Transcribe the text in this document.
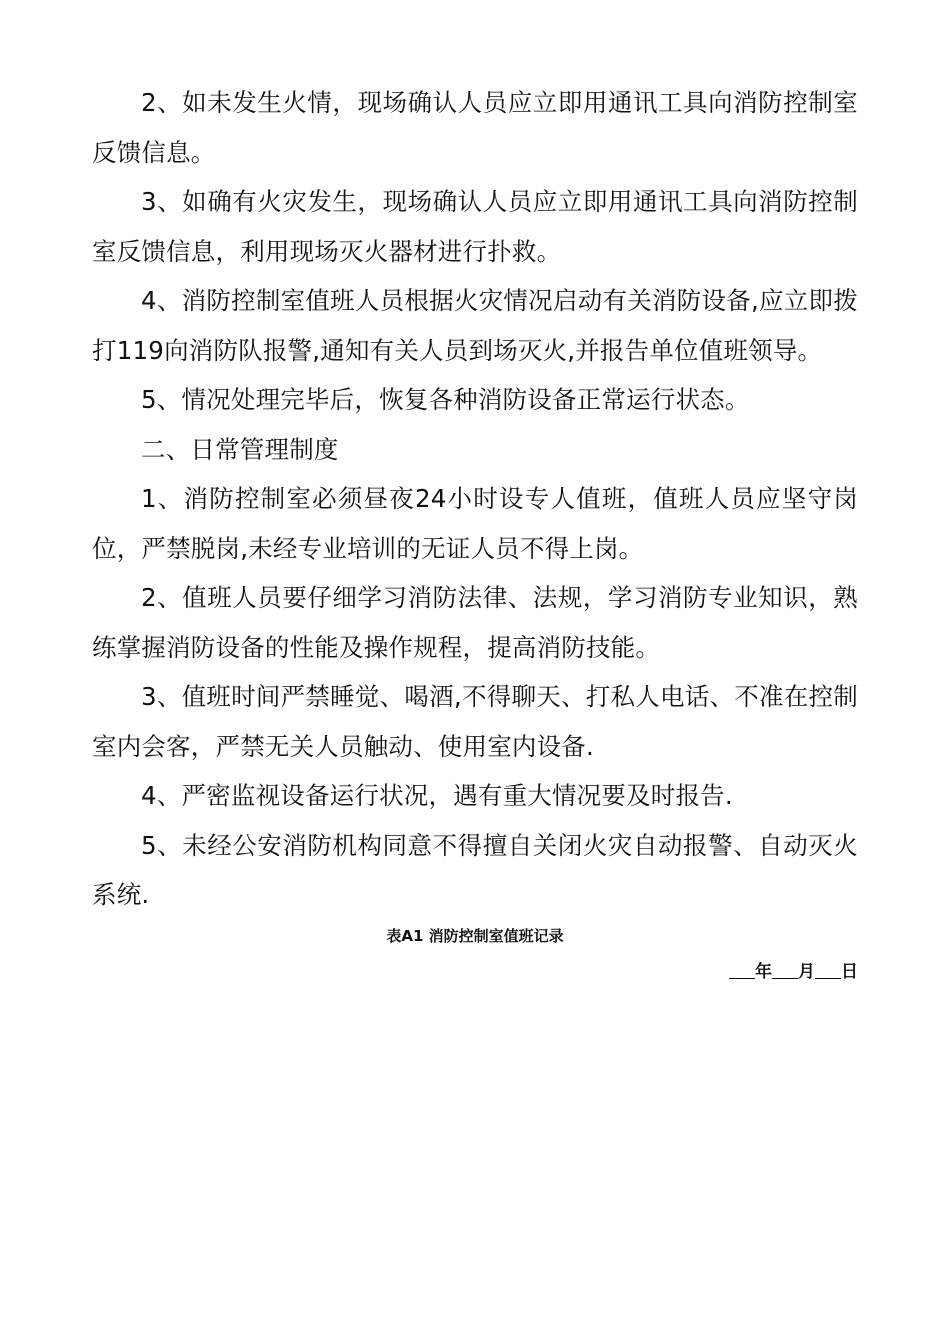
2、如未发生火情，现场确认人员应立即用通讯工具向消防控制室反馈信息。

3、如确有火灾发生，现场确认人员应立即用通讯工具向消防控制室反馈信息，利用现场灭火器材进行扑救。

4、消防控制室值班人员根据火灾情况启动有关消防设备,应立即拨打119向消防队报警,通知有关人员到场灭火,并报告单位值班领导。

5、情况处理完毕后，恢复各种消防设备正常运行状态。

二、日常管理制度

1、消防控制室必须昼夜24小时设专人值班，值班人员应坚守岗位，严禁脱岗,未经专业培训的无证人员不得上岗。

2、值班人员要仔细学习消防法律、法规，学习消防专业知识，熟练掌握消防设备的性能及操作规程，提高消防技能。

3、值班时间严禁睡觉、喝酒,不得聊天、打私人电话、不准在控制室内会客，严禁无关人员触动、使用室内设备.

4、严密监视设备运行状况，遇有重大情况要及时报告.

5、未经公安消防机构同意不得擅自关闭火灾自动报警、自动灭火系统.

表A1 消防控制室值班记录
年 月 日
